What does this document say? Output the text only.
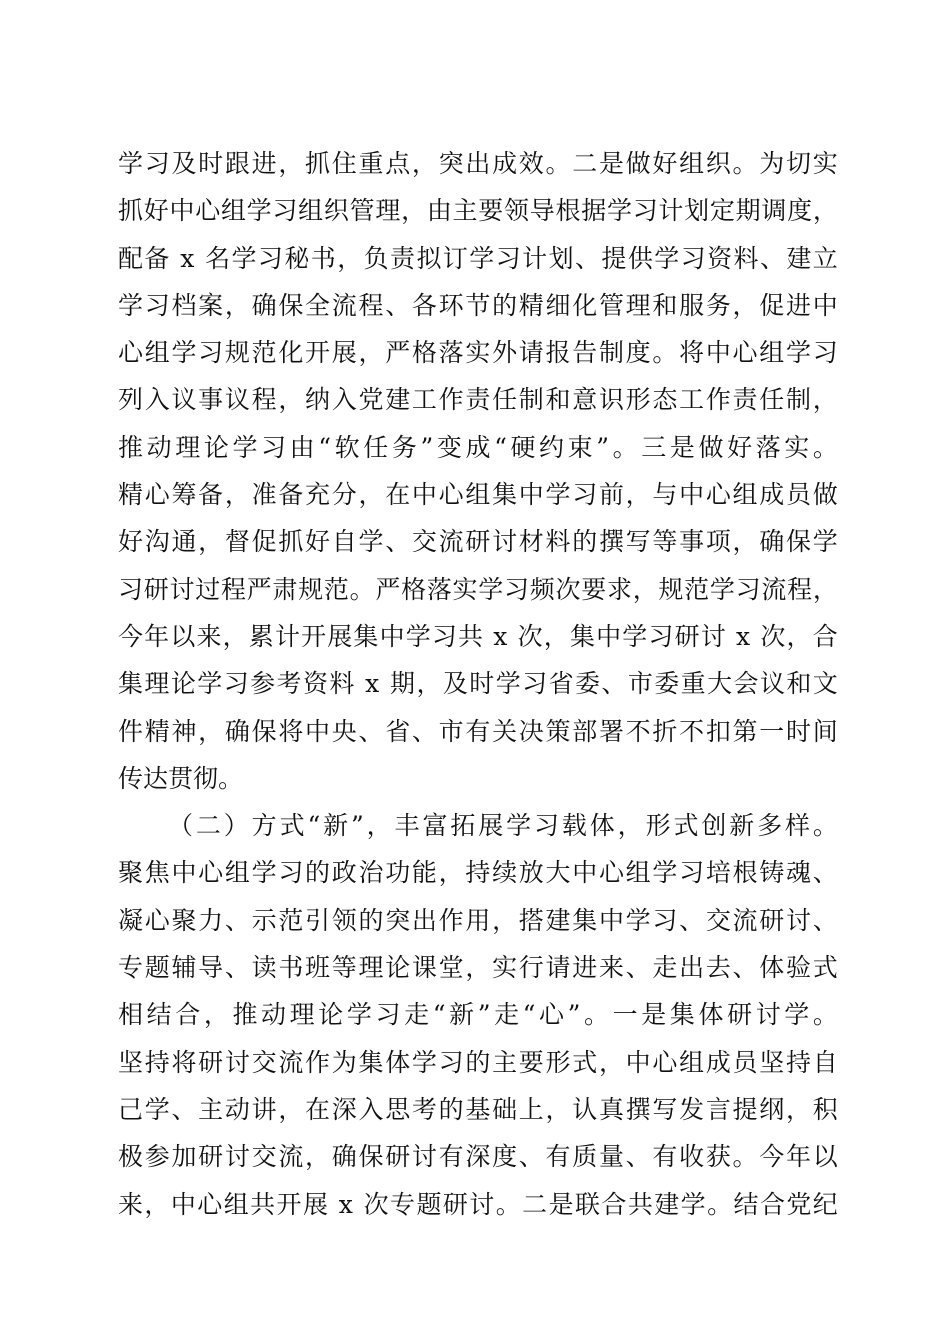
学 习 及 时 跟 进 ， 抓 住 重 点 ， 突 出 成 效 。 二 是 做 好 组 织 。 为 切 实
抓 好 中 心 组 学 习 组 织 管 理 ， 由 主 要 领 导 根 据 学 习 计 划 定 期 调 度 ，
配 备
x
名 学 习 秘 书 ， 负 责 拟 订 学 习 计 划 、 提 供 学 习 资 料 、 建 立
学 习 档 案 ， 确 保 全 流 程 、 各 环 节 的 精 细 化 管 理 和 服 务 ， 促 进 中
心 组 学 习 规 范 化 开 展 ， 严 格 落 实 外 请 报 告 制 度 。 将 中 心 组 学 习
列 入 议 事 议 程 ， 纳 入 党 建 工 作 责 任 制 和 意 识 形 态 工 作 责 任 制 ，
推 动 理 论 学 习 由 “ 软 任 务 ” 变 成 “ 硬 约 束 ” 。 三 是 做 好 落 实 。
精 心 筹 备 ， 准 备 充 分 ， 在 中 心 组 集 中 学 习 前 ， 与 中 心 组 成 员 做
好 沟 通 ， 督 促 抓 好 自 学 、 交 流 研 讨 材 料 的 撰 写 等 事 项 ， 确 保 学
习 研 讨 过 程 严 肃 规 范 。 严 格 落 实 学 习 频 次 要 求 ， 规 范 学 习 流 程 ，
今 年 以 来 ， 累 计 开 展 集 中 学 习 共
x
次 ， 集 中 学 习 研 讨
x
次 ， 合
集 理 论 学 习 参 考 资 料
x
期 ， 及 时 学 习 省 委 、 市 委 重 大 会 议 和 文
件 精 神 ， 确 保 将 中 央 、 省 、 市 有 关 决 策 部 署 不 折 不 扣 第 一 时 间
传达贯彻。
（ 二 ） 方 式 “ 新 ” ， 丰 富 拓 展 学 习 载 体 ， 形 式 创 新 多 样 。
聚 焦 中 心 组 学 习 的 政 治 功 能 ， 持 续 放 大 中 心 组 学 习 培 根 铸 魂 、
凝 心 聚 力 、 示 范 引 领 的 突 出 作 用 ， 搭 建 集 中 学 习 、 交 流 研 讨 、
专 题 辅 导 、 读 书 班 等 理 论 课 堂 ， 实 行 请 进 来 、 走 出 去 、 体 验 式
相 结 合 ， 推 动 理 论 学 习 走 “ 新 ” 走 “ 心 ” 。 一 是 集 体 研 讨 学 。
坚 持 将 研 讨 交 流 作 为 集 体 学 习 的 主 要 形 式 ， 中 心 组 成 员 坚 持 自
己 学 、 主 动 讲 ， 在 深 入 思 考 的 基 础 上 ， 认 真 撰 写 发 言 提 纲 ， 积
极 参 加 研 讨 交 流 ， 确 保 研 讨 有 深 度 、 有 质 量 、 有 收 获 。 今 年 以
来 ， 中 心 组 共 开 展
x
次 专 题 研 讨 。 二 是 联 合 共 建 学 。 结 合 党 纪
